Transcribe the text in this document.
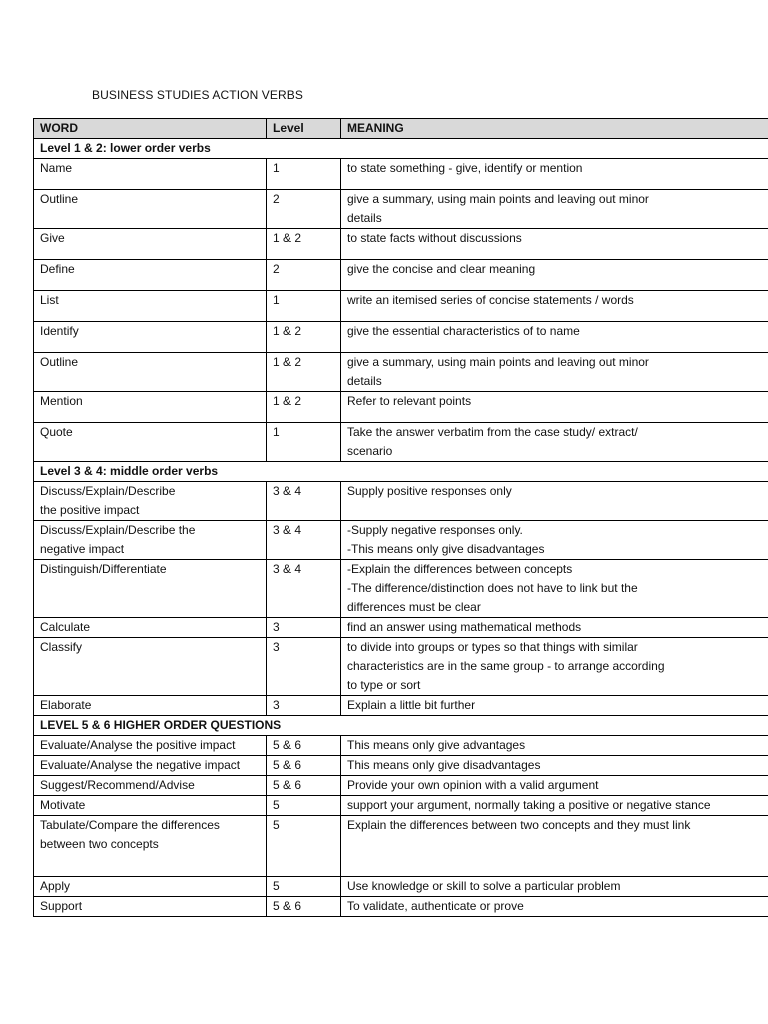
BUSINESS STUDIES ACTION VERBS
WORD	Level	MEANING
Level 1 & 2: lower order verbs		

Name	1	to state something - give, identify or mention

Outline	2	give a summary, using main points and leaving out minor
details

Give	1 & 2	to state facts without discussions

Define	2	give the concise and clear meaning

List	1	write an itemised series of concise statements / words

Identify	1 & 2	give the essential characteristics of to name

Outline	1 & 2	give a summary, using main points and leaving out minor
details

Mention	1 & 2	Refer to relevant points

Quote	1	Take the answer verbatim from the case study/ extract/
scenario

Level 3 & 4: middle order verbs		

Discuss/Explain/Describe
the positive impact	3 & 4	Supply positive responses only

Discuss/Explain/Describe the
negative impact	3 & 4	-Supply negative responses only.
-This means only give disadvantages

Distinguish/Differentiate	3 & 4	-Explain the differences between concepts
-The difference/distinction does not have to link but the
differences must be clear

Calculate	3	find an answer using mathematical methods

Classify	3	to divide into groups or types so that things with similar
characteristics are in the same group - to arrange according
to type or sort

Elaborate	3	Explain a little bit further

LEVEL 5 & 6 HIGHER ORDER QUESTIONS		

Evaluate/Analyse the positive impact	5 & 6	This means only give advantages

Evaluate/Analyse the negative impact	5 & 6	This means only give disadvantages

Suggest/Recommend/Advise	5 & 6	Provide your own opinion with a valid argument

Motivate	5	support your argument, normally taking a positive or negative stance

Tabulate/Compare the differences
between two concepts	5	Explain the differences between two concepts and they must link

Apply	5	Use knowledge or skill to solve a particular problem

Support	5 & 6	To validate, authenticate or prove
